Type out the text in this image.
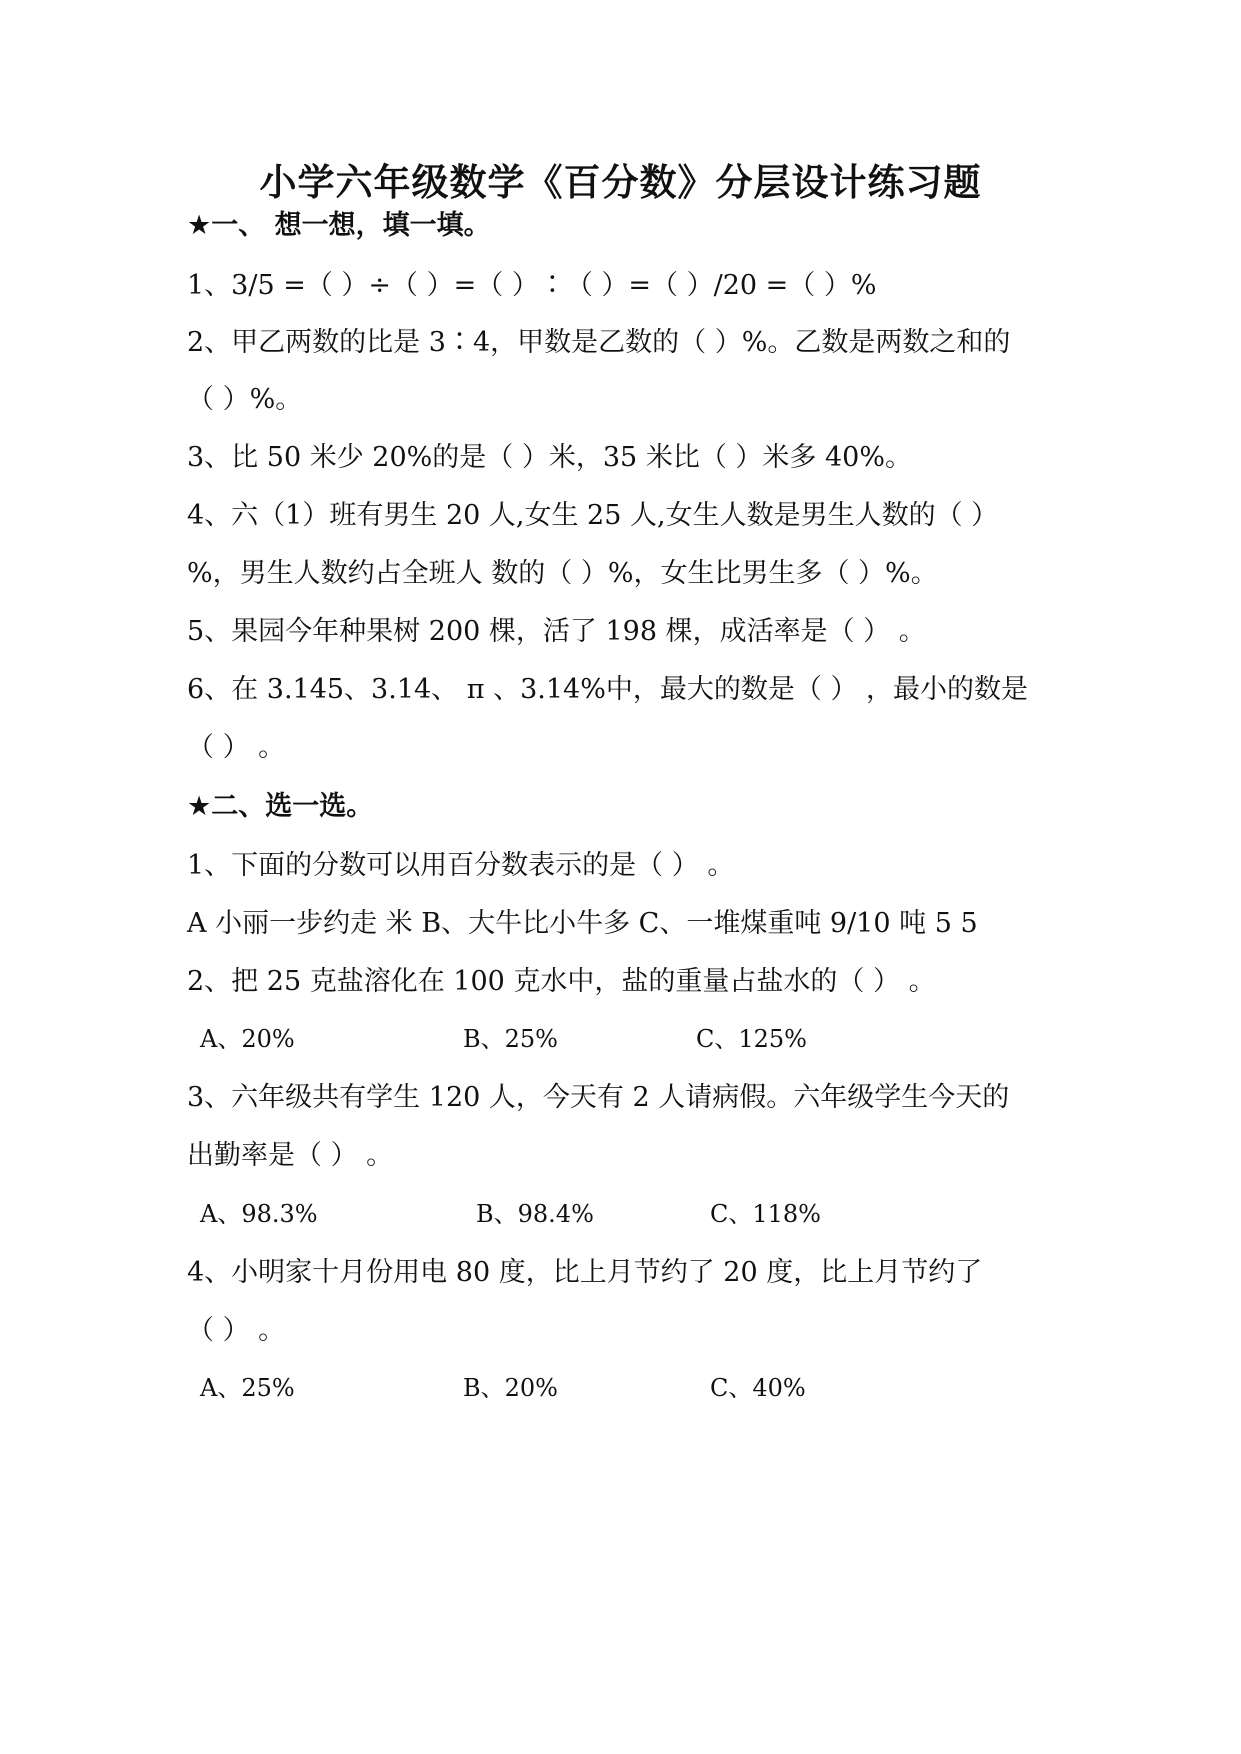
小学六年级数学《百分数》分层设计练习题
★一、 想一想，填一填。
1、3/5 =（ ）÷（ ）=（ ）∶（ ）=（ ）/20 =（ ）%
2、甲乙两数的比是 3∶4，甲数是乙数的（ ）%。乙数是两数之和的
（ ）%。
3、比 50 米少 20%的是（ ）米，35 米比（ ）米多 40%。
4、六（1）班有男生 20 人,女生 25 人,女生人数是男生人数的（ ）
%，男生人数约占全班人 数的（ ）%，女生比男生多（ ）%。
5、果园今年种果树 200 棵，活了 198 棵，成活率是（ ） 。
6、在 3.145、3.14、 π 、3.14%中，最大的数是（ ） ，最小的数是
（ ） 。
★二、选一选。
1、下面的分数可以用百分数表示的是（ ） 。
A 小丽一步约走 米 B、大牛比小牛多 C、一堆煤重吨 9/10 吨 5 5
2、把 25 克盐溶化在 100 克水中，盐的重量占盐水的（ ） 。
A、20%	B、25%	C、125%
3、六年级共有学生 120 人，今天有 2 人请病假。六年级学生今天的
出勤率是（ ） 。
A、98.3%	B、98.4%	C、118%
4、小明家十月份用电 80 度，比上月节约了 20 度，比上月节约了
（ ） 。
A、25%	B、20%	C、40%
